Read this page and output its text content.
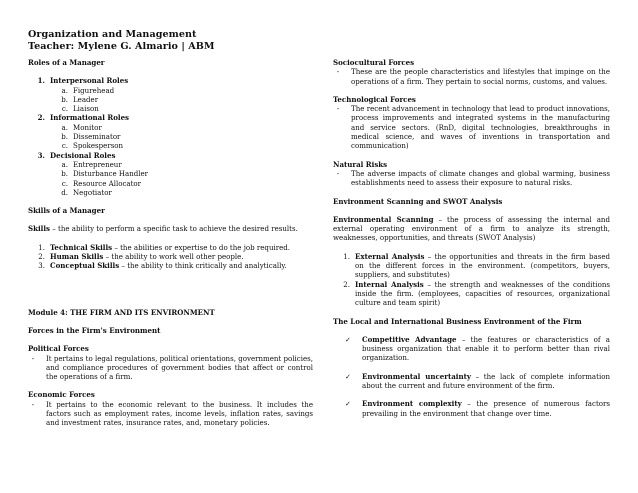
Organization and Management
Teacher: Mylene G. Almario | ABM
Roles of a Manager
1. Interpersonal Roles
a. Figurehead
b. Leader
c. Liaison
2. Informational Roles
a. Monitor
b. Disseminator
c. Spokesperson
3. Decisional Roles
a. Entrepreneur
b. Disturbance Handler
c. Resource Allocator
d. Negotiator
Skills of a Manager
Skills – the ability to perform a specific task to achieve the desired results.
1. Technical Skills – the abilities or expertise to do the job required.
2. Human Skills – the ability to work well other people.
3. Conceptual Skills – the ability to think critically and analytically.
Module 4: THE FIRM AND ITS ENVIRONMENT
Forces in the Firm's Environment
Political Forces
-	It pertains to legal regulations, political orientations, government policies, and compliance procedures of government bodies that affect or control the operations of a firm.
Economic Forces
-	It pertains to the economic relevant to the business. It includes the factors such as employment rates, income levels, inflation rates, savings and investment rates, insurance rates, and, monetary policies.
Sociocultural Forces
-	These are the people characteristics and lifestyles that impinge on the operations of a firm. They pertain to social norms, customs, and values.
Technological Forces
-	The recent advancement in technology that lead to product innovations, process improvements and integrated systems in the manufacturing and service sectors. (RnD, digital technologies, breakthroughs in medical science, and waves of inventions in transportation and communication)
Natural Risks
-	The adverse impacts of climate changes and global warming, business establishments need to assess their exposure to natural risks.
Environment Scanning and SWOT Analysis
Environmental Scanning – the process of assessing the internal and external operating environment of a firm to analyze its strength, weaknesses, opportunities, and threats (SWOT Analysis)
1. External Analysis – the opportunities and threats in the firm based on the different forces in the environment. (competitors, buyers, suppliers, and substitutes)
2. Internal Analysis – the strength and weaknesses of the conditions inside the firm. (employees, capacities of resources, organizational culture and team spirit)
The Local and International Business Environment of the Firm
✓	Competitive Advantage – the features or characteristics of a business organization that enable it to perform better than rival organization.
✓	Environmental uncertainty – the lack of complete information about the current and future environment of the firm.
✓	Environment complexity – the presence of numerous factors prevailing in the environment that change over time.
